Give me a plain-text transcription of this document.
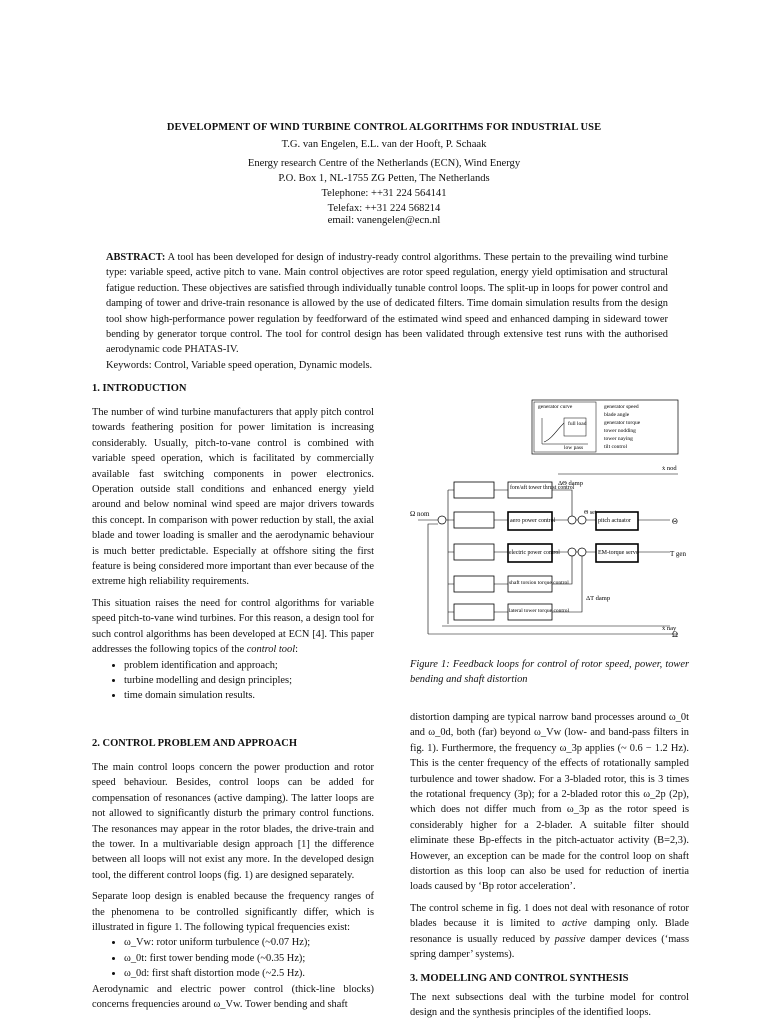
DEVELOPMENT OF WIND TURBINE CONTROL ALGORITHMS FOR INDUSTRIAL USE
T.G. van Engelen, E.L. van der Hooft, P. Schaak
Energy research Centre of the Netherlands (ECN), Wind Energy
P.O. Box 1, NL-1755 ZG Petten, The Netherlands
Telephone: ++31 224 564141
Telefax: ++31 224 568214
email: vanengelen@ecn.nl
ABSTRACT: A tool has been developed for design of industry-ready control algorithms. These pertain to the prevailing wind turbine type: variable speed, active pitch to vane. Main control objectives are rotor speed regulation, energy yield optimisation and structural fatigue reduction. These objectives are satisfied through individually tunable control loops. The split-up in loops for power control and damping of tower and drive-train resonance is allowed by the use of dedicated filters. Time domain simulation results from the design tool show high-performance power regulation by feedforward of the estimated wind speed and enhanced damping in sideward tower bending by generator torque control. The tool for control design has been validated through extensive test runs with the authorised aerodynamic code PHATAS-IV.
Keywords: Control, Variable speed operation, Dynamic models.
1. INTRODUCTION

The number of wind turbine manufacturers that apply pitch control towards feathering position for power limitation is increasing considerably. Usually, pitch-to-vane control is combined with variable speed operation, which is facilitated by commercially available fast switching components in power electronics. Operation outside stall conditions and enhanced energy yield around and below nominal wind speed are major drivers towards this concept. In comparison with power reduction by stall, the axial blade and tower loading is smaller and the aerodynamic behaviour is much better predictable. Especially at offshore siting the first feature is being considered more important than ever because of the extreme high reliability requirements.

This situation raises the need for control algorithms for variable speed pitch-to-vane wind turbines. For this reason, a design tool for such control algorithms has been developed at ECN [4]. This paper addresses the following topics of the control tool:

• problem identification and approach;
• turbine modelling and design principles;
• time domain simulation results.
2. CONTROL PROBLEM AND APPROACH

The main control loops concern the power production and rotor speed behaviour. Besides, control loops can be added for compensation of resonances (active damping). The latter loops are not allowed to significantly disturb the primary control functions. The resonances may appear in the rotor blades, the drive-train and the tower. In a multivariable design approach [1] the difference between all loops will not exist any more. In the developed design tool, the different control loops (fig. 1) are designed separately.

Separate loop design is enabled because the frequency ranges of the phenomena to be controlled significantly differ, which is illustrated in figure 1. The following typical frequencies exist:

• ω_Vw: rotor uniform turbulence (~0.07 Hz);
• ω_0t: first tower bending mode (~0.35 Hz);
• ω_0d: first shaft distortion mode (~2.5 Hz).

Aerodynamic and electric power control (thick-line blocks) concerns frequencies around ω_Vw. Tower bending and shaft

generator curve
full load
low pass
generator speed
blade angle
generator torque
tower nodding
tower naying
tilt control
fore/aft tower thrust control
aero power control	pitch actuator
electric power control	EM-torque servo
shaft torsion torque control
lateral tower torque control
Ω nom
ΔΘ damp
Θ set
Θ
T gen
ΔT damp
Ω
ẋ nod
ẋ nay
Figure 1: Feedback loops for control of rotor speed, power, tower bending and shaft distortion

distortion damping are typical narrow band processes around ω_0t and ω_0d, both (far) beyond ω_Vw (low- and band-pass filters in fig. 1). Furthermore, the frequency ω_3p applies (~ 0.6 − 1.2 Hz). This is the center frequency of the effects of rotationally sampled turbulence and tower shadow. For a 3-bladed rotor, this is 3 times the rotational frequency (3p); for a 2-bladed rotor this ω_2p (2p), which does not differ much from ω_3p as the rotor speed is considerably higher for a 2-blader. A suitable filter should eliminate these Bp-effects in the pitch-actuator activity (B=2,3). However, an exception can be made for the control loop on shaft distortion as this loop can also be used for reduction of inertia loads caused by ‘Bp rotor acceleration’.

The control scheme in fig. 1 does not deal with resonance of rotor blades because it is limited to active damping only. Blade resonance is usually reduced by passive damper devices (‘mass spring damper’ systems).

3. MODELLING AND CONTROL SYNTHESIS

The next subsections deal with the turbine model for control design and the synthesis principles of the identified loops.
